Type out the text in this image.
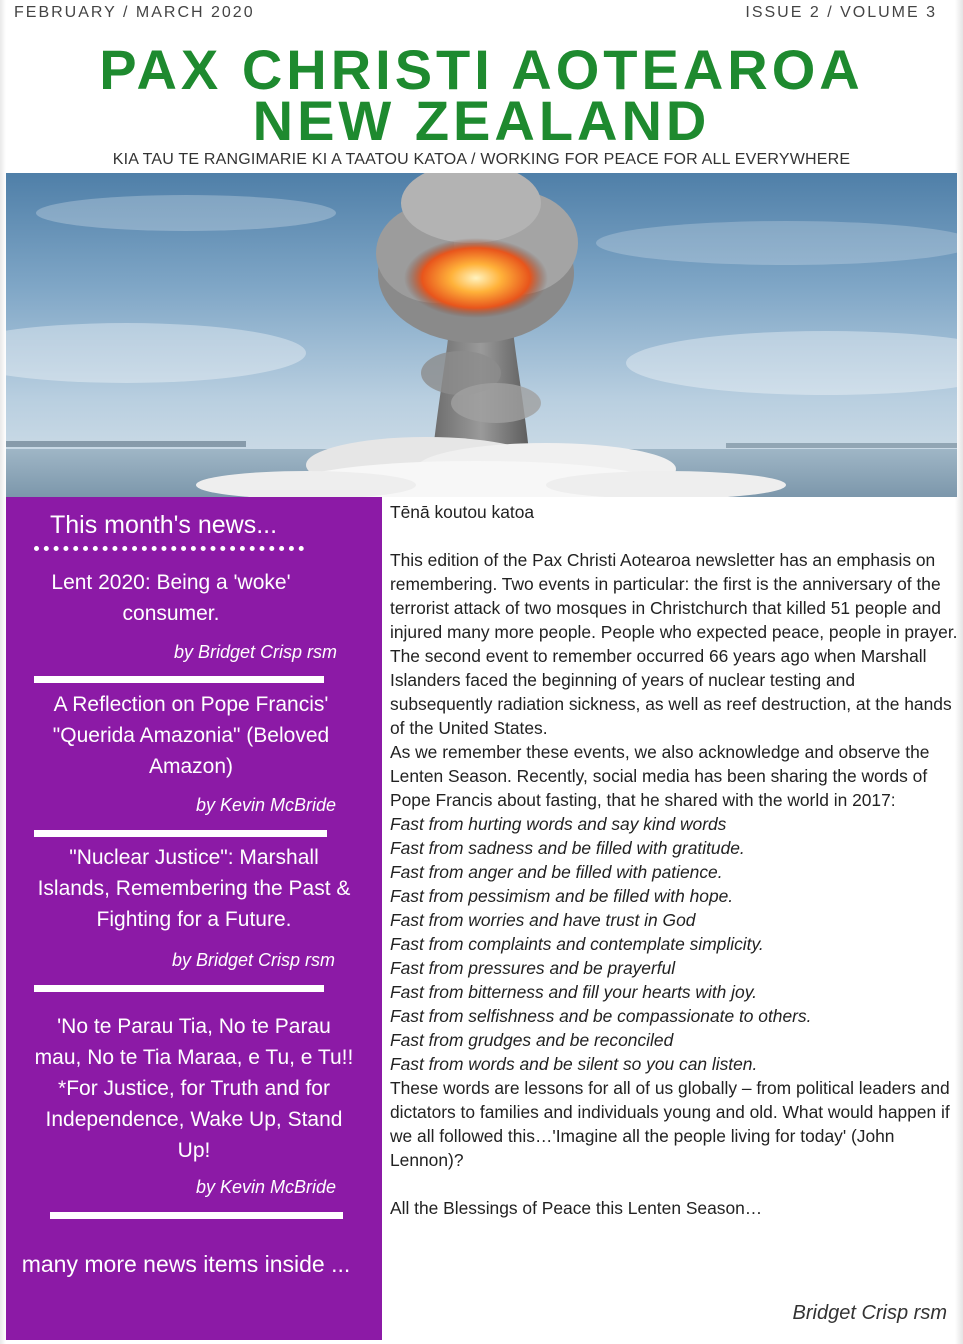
FEBRUARY / MARCH 2020	ISSUE 2 / VOLUME 3
PAX CHRISTI AOTEAROA
NEW ZEALAND
KIA TAU TE RANGIMARIE KI A TAATOU KATOA / WORKING FOR PEACE FOR ALL EVERYWHERE
This month's news...
Lent 2020: Being a 'woke' consumer.
by Bridget Crisp rsm
A Reflection on Pope Francis' "Querida Amazonia" (Beloved Amazon)
by Kevin McBride
"Nuclear Justice": Marshall Islands, Remembering the Past & Fighting for a Future.
by Bridget Crisp rsm
'No te Parau Tia, No te Parau mau, No te Tia Maraa, e Tu, e Tu!! *For Justice, for Truth and for Independence, Wake Up, Stand Up!
by Kevin McBride
many more news items inside ...

Tēnā koutou katoa

This edition of the Pax Christi Aotearoa newsletter has an emphasis on remembering. Two events in particular: the first is the anniversary of the terrorist attack of two mosques in Christchurch that killed 51 people and injured many more people. People who expected peace, people in prayer. The second event to remember occurred 66 years ago when Marshall Islanders faced the beginning of years of nuclear testing and subsequently radiation sickness, as well as reef destruction, at the hands of the United States.

As we remember these events, we also acknowledge and observe the Lenten Season. Recently, social media has been sharing the words of Pope Francis about fasting, that he shared with the world in 2017:

Fast from hurting words and say kind words

Fast from sadness and be filled with gratitude.

Fast from anger and be filled with patience.

Fast from pessimism and be filled with hope.

Fast from worries and have trust in God

Fast from complaints and contemplate simplicity.

Fast from pressures and be prayerful

Fast from bitterness and fill your hearts with joy.

Fast from selfishness and be compassionate to others.

Fast from grudges and be reconciled

Fast from words and be silent so you can listen.

These words are lessons for all of us globally – from political leaders and dictators to families and individuals young and old. What would happen if we all followed this…'Imagine all the people living for today' (John Lennon)?

All the Blessings of Peace this Lenten Season…

Bridget Crisp rsm
